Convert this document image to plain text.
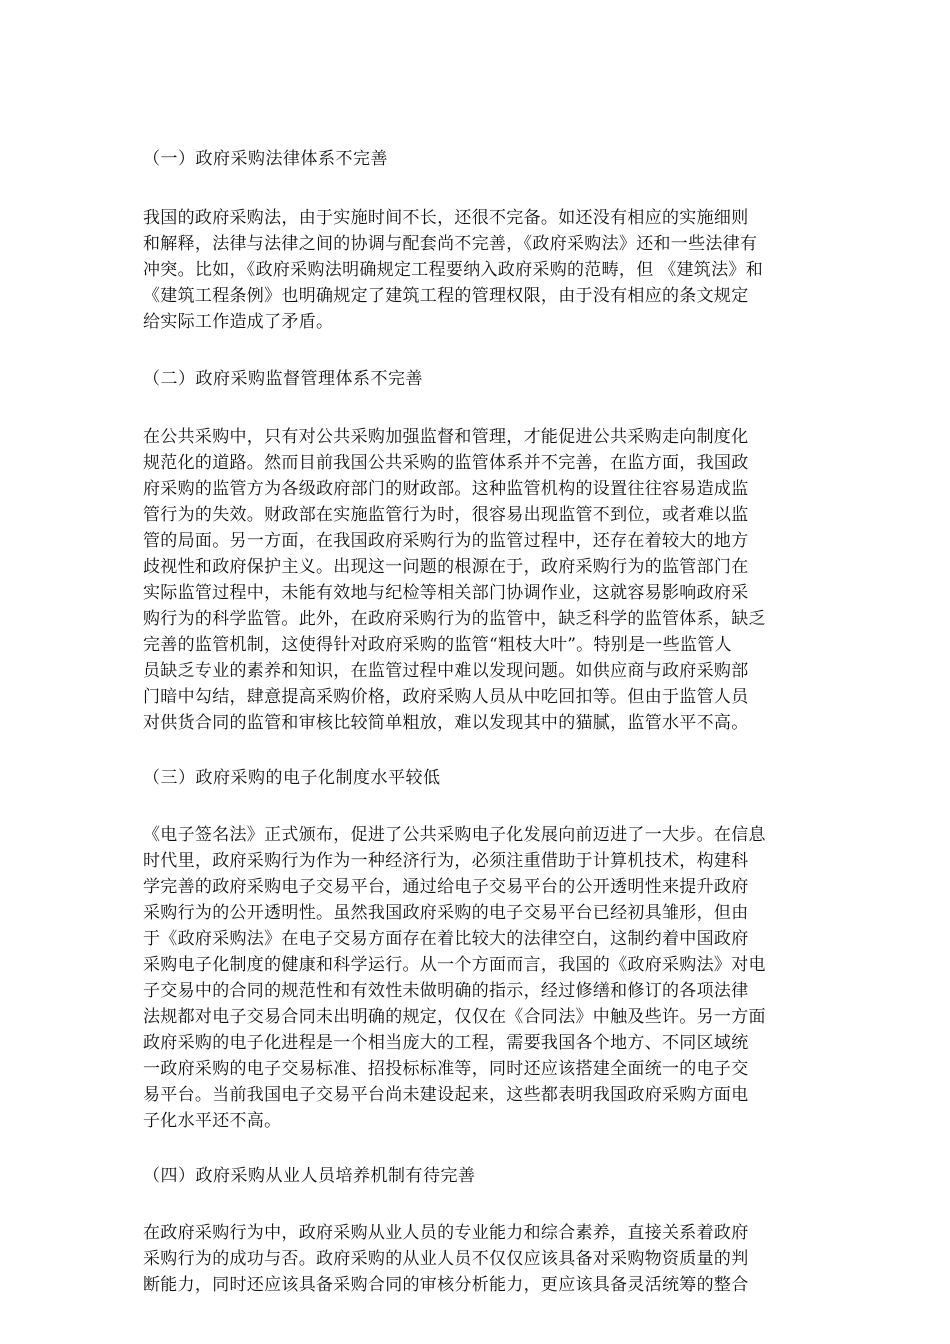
（一）政府采购法律体系不完善
我国的政府采购法，由于实施时间不长，还很不完备。如还没有相应的实施细则
和解释，法律与法律之间的协调与配套尚不完善，《政府采购法》还和一些法律有
冲突。比如，《政府采购法明确规定工程要纳入政府采购的范畴，但 《建筑法》和
《建筑工程条例》也明确规定了建筑工程的管理权限，由于没有相应的条文规定
给实际工作造成了矛盾。
（二）政府采购监督管理体系不完善
在公共采购中，只有对公共采购加强监督和管理，才能促进公共采购走向制度化
规范化的道路。然而目前我国公共采购的监管体系并不完善，在监方面，我国政
府采购的监管方为各级政府部门的财政部。这种监管机构的设置往往容易造成监
管行为的失效。财政部在实施监管行为时，很容易出现监管不到位，或者难以监
管的局面。另一方面，在我国政府采购行为的监管过程中，还存在着较大的地方
歧视性和政府保护主义。出现这一问题的根源在于，政府采购行为的监管部门在
实际监管过程中，未能有效地与纪检等相关部门协调作业，这就容易影响政府采
购行为的科学监管。此外，在政府采购行为的监管中，缺乏科学的监管体系，缺乏
完善的监管机制，这使得针对政府采购的监管“粗枝大叶”。特别是一些监管人
员缺乏专业的素养和知识，在监管过程中难以发现问题。如供应商与政府采购部
门暗中勾结，肆意提高采购价格，政府采购人员从中吃回扣等。但由于监管人员
对供货合同的监管和审核比较简单粗放，难以发现其中的猫腻，监管水平不高。
（三）政府采购的电子化制度水平较低
《电子签名法》正式颁布，促进了公共采购电子化发展向前迈进了一大步。在信息
时代里，政府采购行为作为一种经济行为，必须注重借助于计算机技术，构建科
学完善的政府采购电子交易平台，通过给电子交易平台的公开透明性来提升政府
采购行为的公开透明性。虽然我国政府采购的电子交易平台已经初具雏形，但由
于《政府采购法》在电子交易方面存在着比较大的法律空白，这制约着中国政府
采购电子化制度的健康和科学运行。从一个方面而言，我国的《政府采购法》对电
子交易中的合同的规范性和有效性未做明确的指示，经过修缮和修订的各项法律
法规都对电子交易合同未出明确的规定，仅仅在《合同法》中触及些许。另一方面
政府采购的电子化进程是一个相当庞大的工程，需要我国各个地方、不同区域统
一政府采购的电子交易标准、招投标标准等，同时还应该搭建全面统一的电子交
易平台。当前我国电子交易平台尚未建设起来，这些都表明我国政府采购方面电
子化水平还不高。
（四）政府采购从业人员培养机制有待完善
在政府采购行为中，政府采购从业人员的专业能力和综合素养，直接关系着政府
采购行为的成功与否。政府采购的从业人员不仅仅应该具备对采购物资质量的判
断能力，同时还应该具备采购合同的审核分析能力，更应该具备灵活统筹的整合
